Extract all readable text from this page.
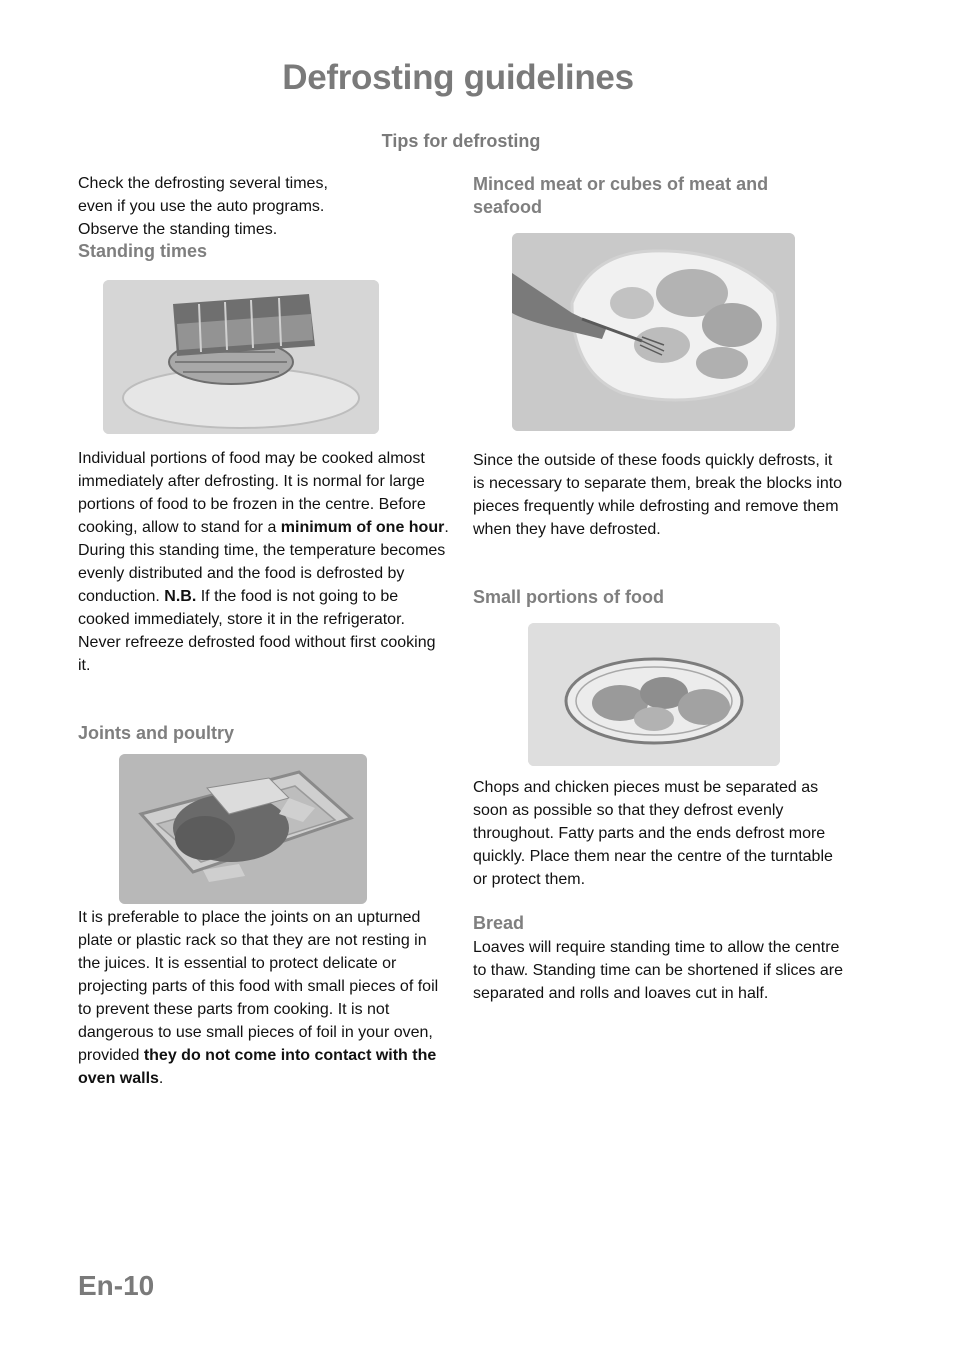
Defrosting guidelines
Tips for defrosting
Check the defrosting several times,
even if you use the auto programs.
Observe the standing times.
Standing times
Individual portions of food may be cooked almost immediately after defrosting. It is normal for large portions of food to be frozen in the centre. Before cooking, allow to stand for a minimum of one hour. During this standing time, the temperature becomes evenly distributed and the food is defrosted by conduction. N.B. If the food is not going to be cooked immediately, store it in the refrigerator. Never refreeze defrosted food without first cooking it.
Joints and poultry
It is preferable to place the joints on an upturned plate or plastic rack so that they are not resting in the juices. It is essential to protect delicate or projecting parts of this food with small pieces of foil to prevent these parts from cooking. It is not dangerous to use small pieces of foil in your oven, provided they do not come into contact with the oven walls.
Minced meat or cubes of meat and seafood
Since the outside of these foods quickly defrosts, it is necessary to separate them, break the blocks into pieces frequently while defrosting and remove them when they have defrosted.
Small portions of food
Chops and chicken pieces must be separated as soon as possible so that they defrost evenly throughout. Fatty parts and the ends defrost more quickly. Place them near the centre of the turntable or protect them.
Bread
Loaves will require standing time to allow the centre to thaw. Standing time can be shortened if slices are separated and rolls and loaves cut in half.
En-10
